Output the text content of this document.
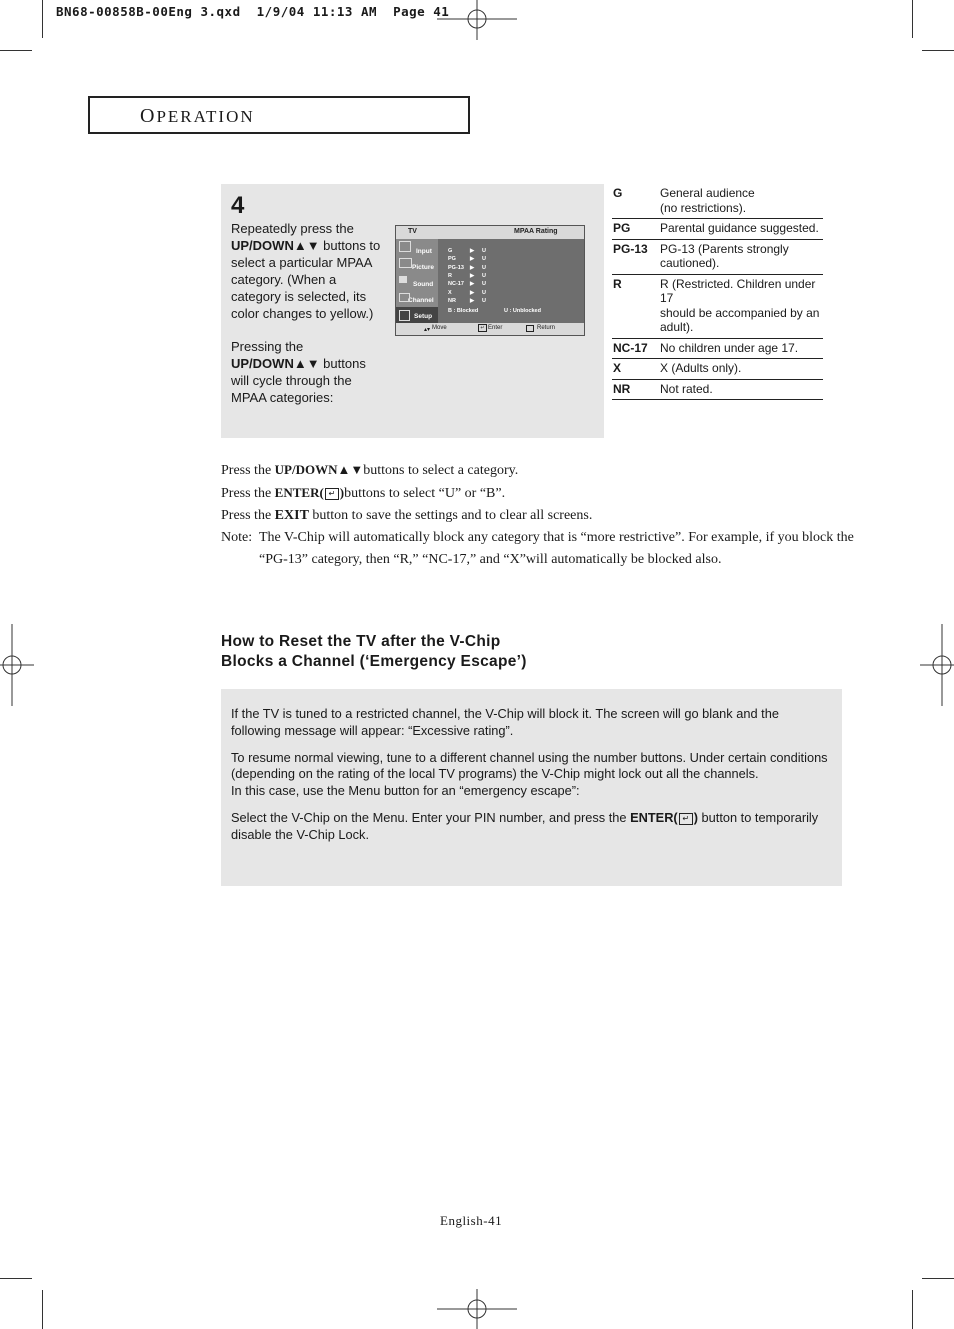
BN68-00858B-00Eng 3.qxd  1/9/04 11:13 AM  Page 41
OPERATION
4
Repeatedly press the
UP/DOWN▲▼ buttons to select a particular MPAA category. (When a category is selected, its color changes to yellow.)

Pressing the
UP/DOWN▲▼ buttons will cycle through the MPAA categories:
TV	MPAA Rating
Input
Picture
Sound
Channel
Setup
B : Blocked	U : Unblocked
▴▾ Move	↵ Enter	Return
G	▶ U
PG	▶ U
PG-13 ▶ U
R	▶ U
NC-17 ▶ U
X	▶ U
NR	▶ U
G	General audience
(no restrictions).
PG	Parental guidance suggested.
PG-13	PG-13 (Parents strongly cautioned).
R	R (Restricted. Children under 17
should be accompanied by an adult).
NC-17	No children under age 17.
X	X (Adults only).
NR	Not rated.

Press the UP/DOWN▲▼buttons to select a category.

Press the ENTER( ↵ )buttons to select “U” or “B”.

Press the EXIT button to save the settings and to clear all screens.

Note: The V-Chip will automatically block any category that is “more restrictive”. For example, if you block the “PG-13” category, then “R,” “NC-17,” and “X”will automatically be blocked also.
How to Reset the TV after the V-Chip
Blocks a Channel (‘Emergency Escape’)

If the TV is tuned to a restricted channel, the V-Chip will block it. The screen will go blank and the following message will appear: “Excessive rating”.

To resume normal viewing, tune to a different channel using the number buttons. Under certain conditions (depending on the rating of the local TV programs) the V-Chip might lock out all the channels.
In this case, use the Menu button for an “emergency escape”:

Select the V-Chip on the Menu. Enter your PIN number, and press the ENTER( ↵ ) button to temporarily disable the V-Chip Lock.

English-41
